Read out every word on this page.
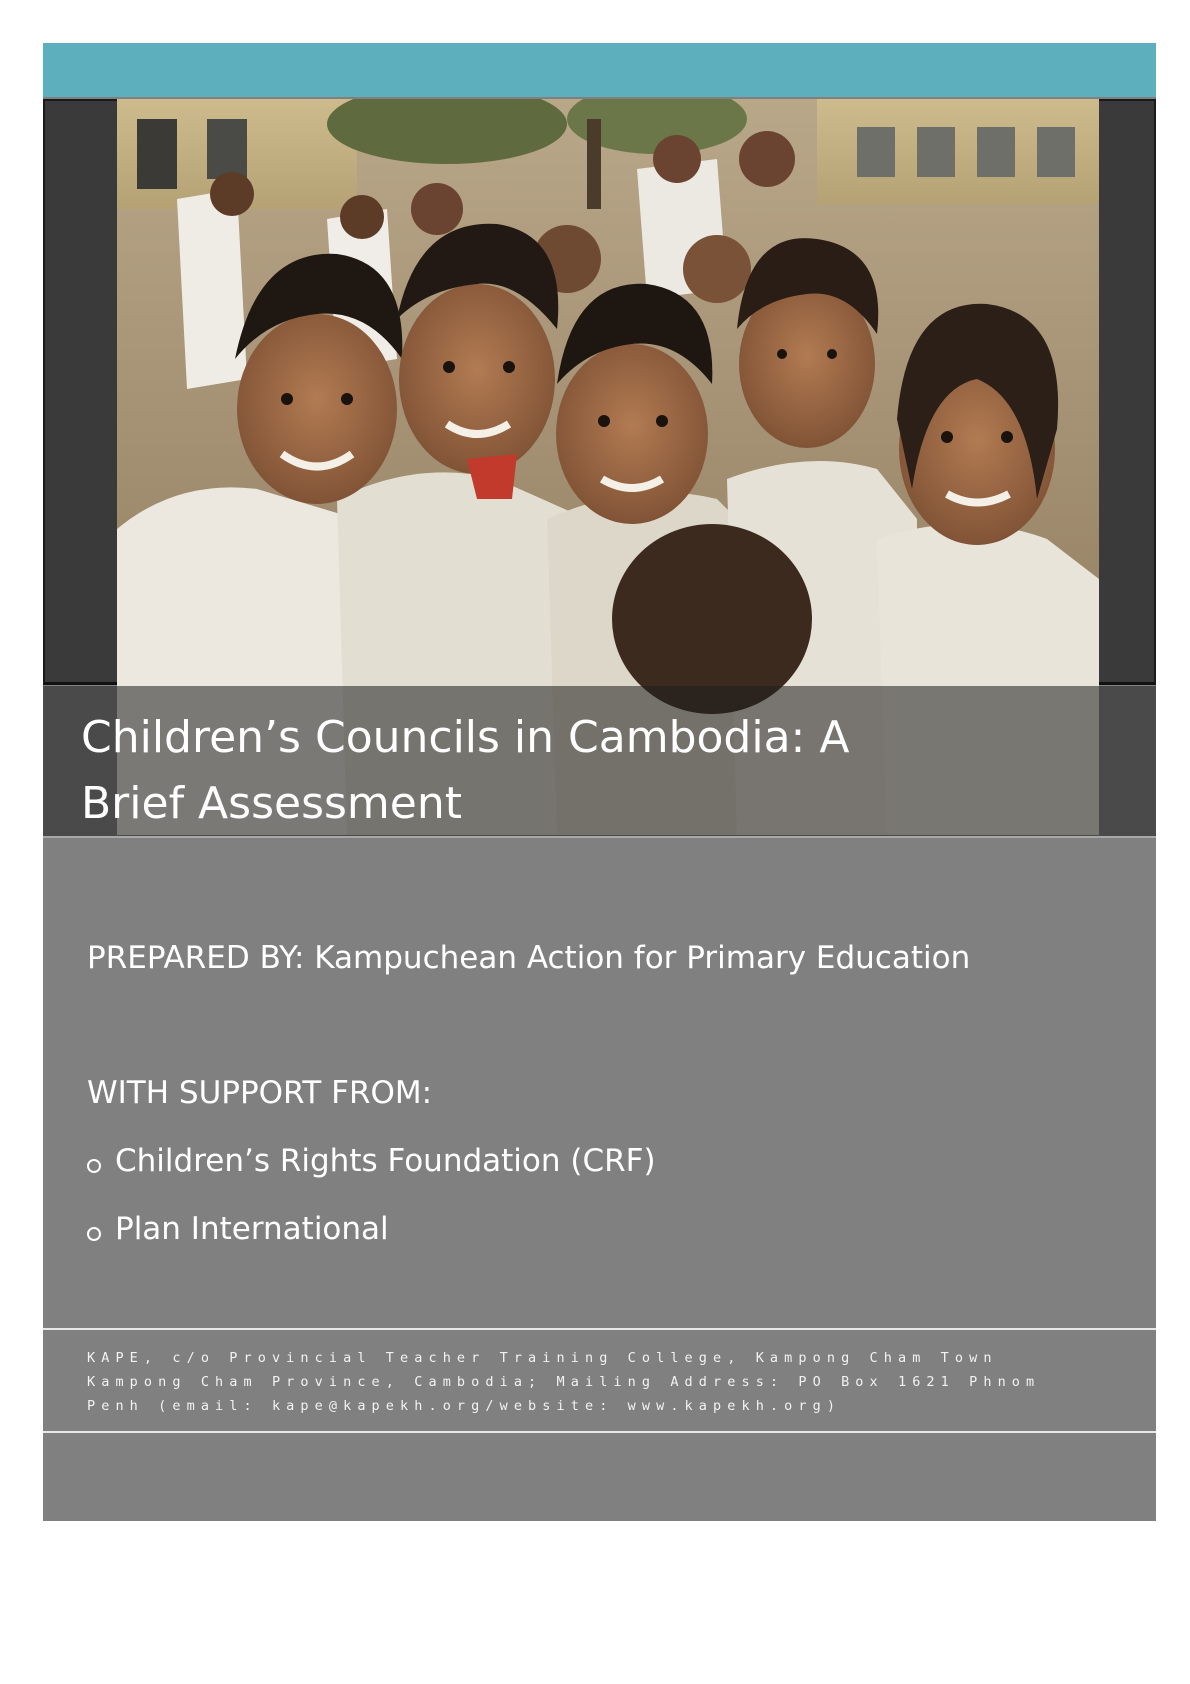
Children’s Councils in Cambodia: A
Brief Assessment

PREPARED BY: Kampuchean Action for Primary Education

WITH SUPPORT FROM:

Children’s Rights Foundation (CRF)
Plan International

KAPE, c/o Provincial Teacher Training College, Kampong Cham Town
Kampong Cham Province, Cambodia; Mailing Address: PO Box 1621 Phnom
Penh (email: kape@kapekh.org/website: www.kapekh.org)
